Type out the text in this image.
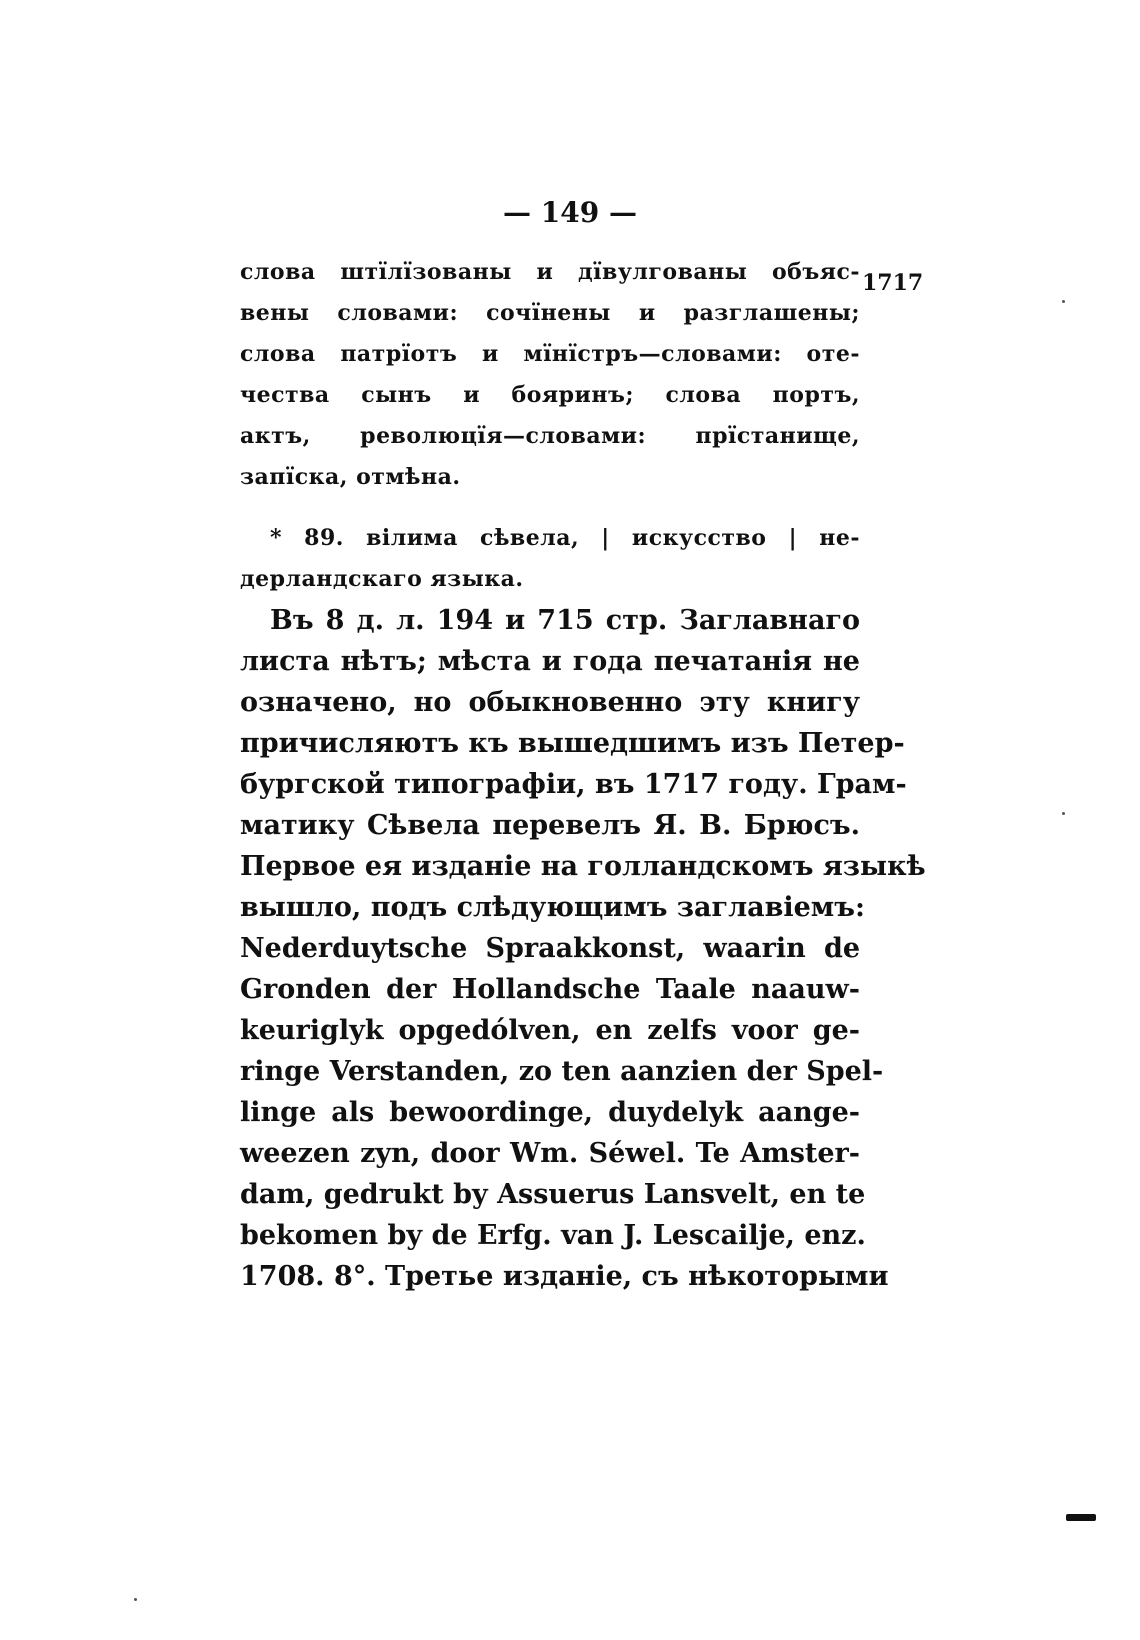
— 149 —
1717
слова штїлїзованы и дївулгованы объяс-
вены словами: сочїнены и разглашены;
слова патрїотъ и мїнїстръ—словами: оте-
чества сынъ и бояринъ; слова портъ,
актъ, революцїя—словами: прїстанище,
запїска, отмѣна.
* 89. вілима сѣвела, | искусство | не-
дерландскаго языка.
Въ 8 д. л. 194 и 715 стр. Заглавнаго
листа нѣтъ; мѣста и года печатанія не
означено, но обыкновенно эту книгу
причисляютъ къ вышедшимъ изъ Петер-
бургской типографіи, въ 1717 году. Грам-
матику Сѣвела перевелъ Я. В. Брюсъ.
Первое ея изданіе на голландскомъ языкѣ
вышло, подъ слѣдующимъ заглавіемъ:
Nederduytsche Spraakkonst, waarin de
Gronden der Hollandsche Taale naauw-
keuriglyk opgedólven, en zelfs voor ge-
ringe Verstanden, zo ten aanzien der Spel-
linge als bewoordinge, duydelyk aange-
weezen zyn, door Wm. Séwel. Te Amster-
dam, gedrukt by Assuerus Lansvelt, en te
bekomen by de Erfg. van J. Lescailje, enz.
1708. 8°. Третье изданіе, съ нѣкоторыми
